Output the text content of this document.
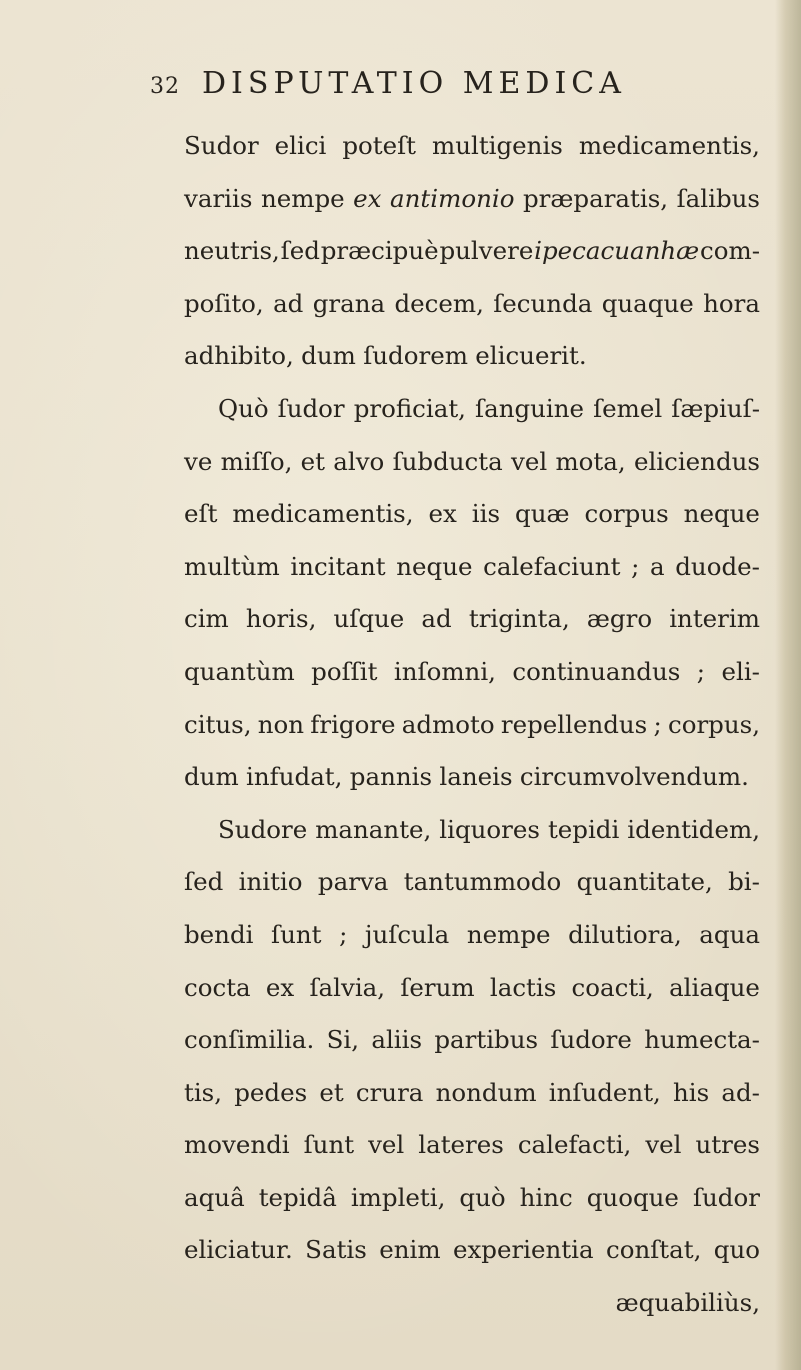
32 DISPUTATIO MEDICA
Sudor elici poteſt multigenis medicamentis,
variis nempe ex antimonio præparatis, ſalibus
neutris, ſed præcipuè pulvere ipecacuanhæ com-
poſito, ad grana decem, ſecunda quaque hora
adhibito, dum ſudorem elicuerit.
Quò ſudor proficiat, ſanguine ſemel ſæpiuſ-
ve miſſo, et alvo ſubducta vel mota, eliciendus
eſt medicamentis, ex iis quæ corpus neque
multùm incitant neque calefaciunt ; a duode-
cim horis, uſque ad triginta, ægro interim
quantùm poſſit inſomni, continuandus ; eli-
citus, non frigore admoto repellendus ; corpus,
dum infudat, pannis laneis circumvolvendum.
Sudore manante, liquores tepidi identidem,
ſed initio parva tantummodo quantitate, bi-
bendi ſunt ; juſcula nempe dilutiora, aqua
cocta ex ſalvia, ſerum lactis coacti, aliaque
conſimilia. Si, aliis partibus ſudore humecta-
tis, pedes et crura nondum inſudent, his ad-
movendi ſunt vel lateres calefacti, vel utres
aquâ tepidâ impleti, quò hinc quoque ſudor
eliciatur. Satis enim experientia conſtat, quo
æquabiliùs,
